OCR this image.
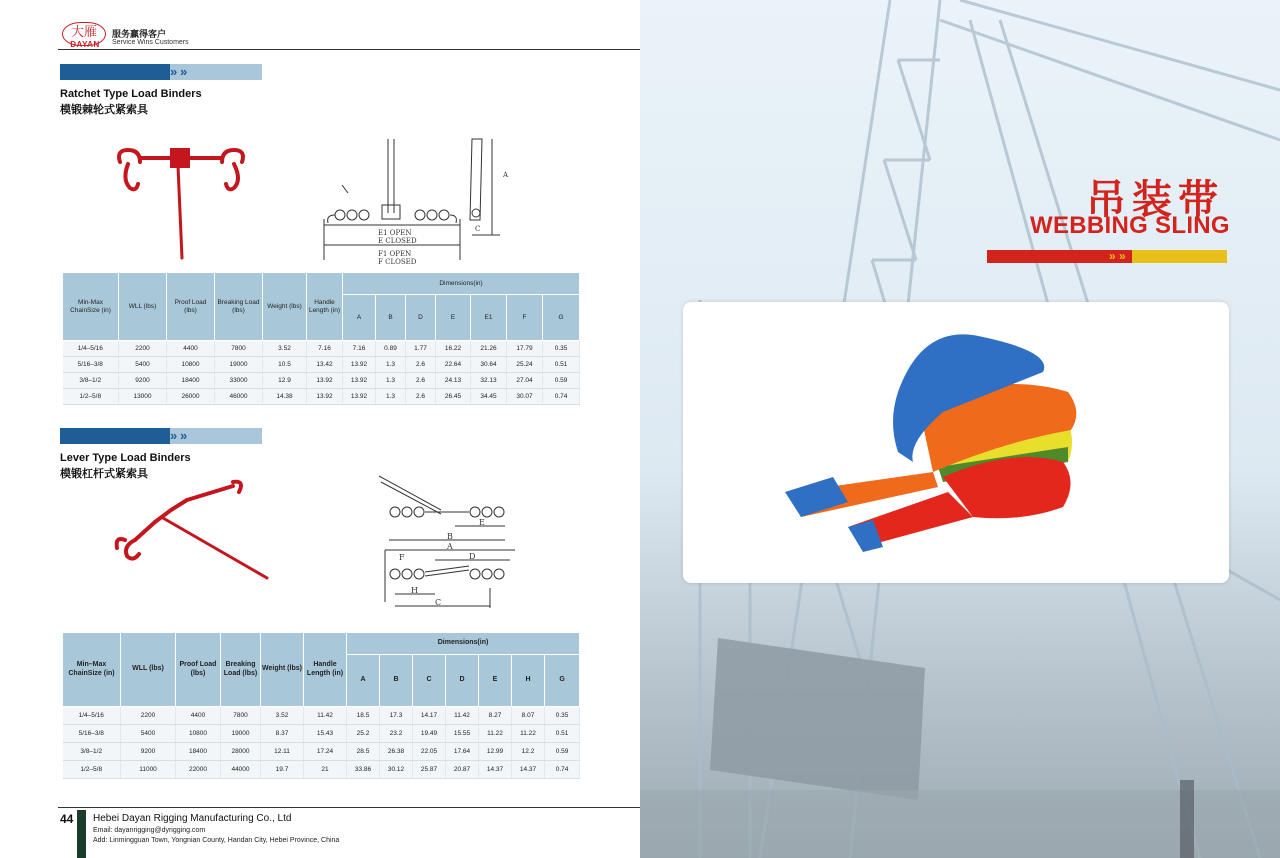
大雁
DAYAN
服务赢得客户
Service Wins Customers
» »
Ratchet Type Load Binders
模锻棘轮式紧索具
E1 OPEN
E CLOSED
F1 OPEN
F CLOSED
A
C
Min-Max ChainSize (in)	WLL (lbs)	Proof Load (lbs)	Breaking Load (lbs)	Weight (lbs)	Handle Length (in)	Dimensions(in)						
						A	B	D	E	E1	F	G
1/4–5/16	2200	4400	7800	3.52	7.16	7.16	0.89	1.77	16.22	21.26	17.79	0.35
5/16–3/8	5400	10800	19000	10.5	13.42	13.92	1.3	2.6	22.64	30.64	25.24	0.51
3/8–1/2	9200	18400	33000	12.9	13.92	13.92	1.3	2.6	24.13	32.13	27.04	0.59
1/2–5/8	13000	26000	46000	14.38	13.92	13.92	1.3	2.6	26.45	34.45	30.07	0.74
» »
Lever Type Load Binders
模锻杠杆式紧索具
E
B
A
D
F
H
C
Min–Max ChainSize (in)	WLL (lbs)	Proof Load (lbs)	Breaking Load (lbs)	Weight (lbs)	Handle Length (in)	Dimensions(in)						
						A	B	C	D	E	H	G
1/4–5/16	2200	4400	7800	3.52	11.42	18.5	17.3	14.17	11.42	8.27	8.07	0.35
5/16–3/8	5400	10800	19000	8.37	15.43	25.2	23.2	19.49	15.55	11.22	11.22	0.51
3/8–1/2	9200	18400	28000	12.11	17.24	28.5	26.38	22.05	17.64	12.99	12.2	0.59
1/2–5/8	11000	22000	44000	19.7	21	33.86	30.12	25.87	20.87	14.37	14.37	0.74
44 Hebei Dayan Rigging Manufacturing Co., Ltd
Email: dayanrigging@dyrigging.com
Add: Linmingguan Town, Yongnian County, Handan City, Hebei Province, China
吊装带
WEBBING SLING
» »
